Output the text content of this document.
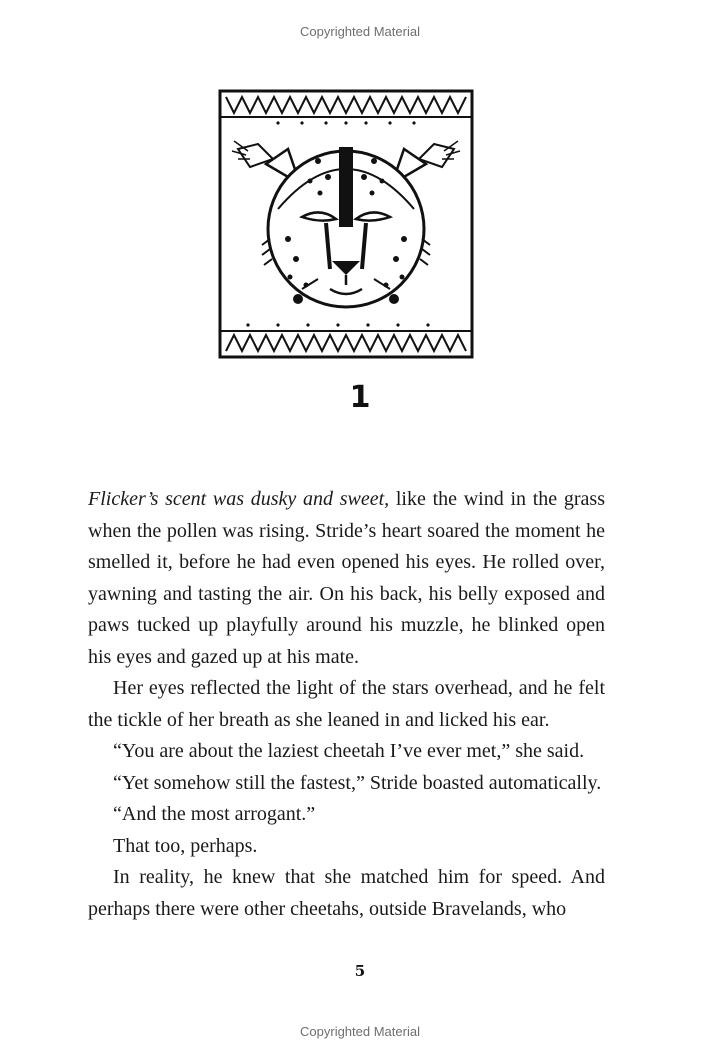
Copyrighted Material
1

Flicker’s scent was dusky and sweet, like the wind in the grass when the pollen was rising. Stride’s heart soared the moment he smelled it, before he had even opened his eyes. He rolled over, yawning and tasting the air. On his back, his belly exposed and paws tucked up playfully around his muzzle, he blinked open his eyes and gazed up at his mate.

Her eyes reflected the light of the stars overhead, and he felt the tickle of her breath as she leaned in and licked his ear.

“You are about the laziest cheetah I’ve ever met,” she said.

“Yet somehow still the fastest,” Stride boasted automatically.

“And the most arrogant.”

That too, perhaps.

In reality, he knew that she matched him for speed. And perhaps there were other cheetahs, outside Bravelands, who

5
Copyrighted Material
